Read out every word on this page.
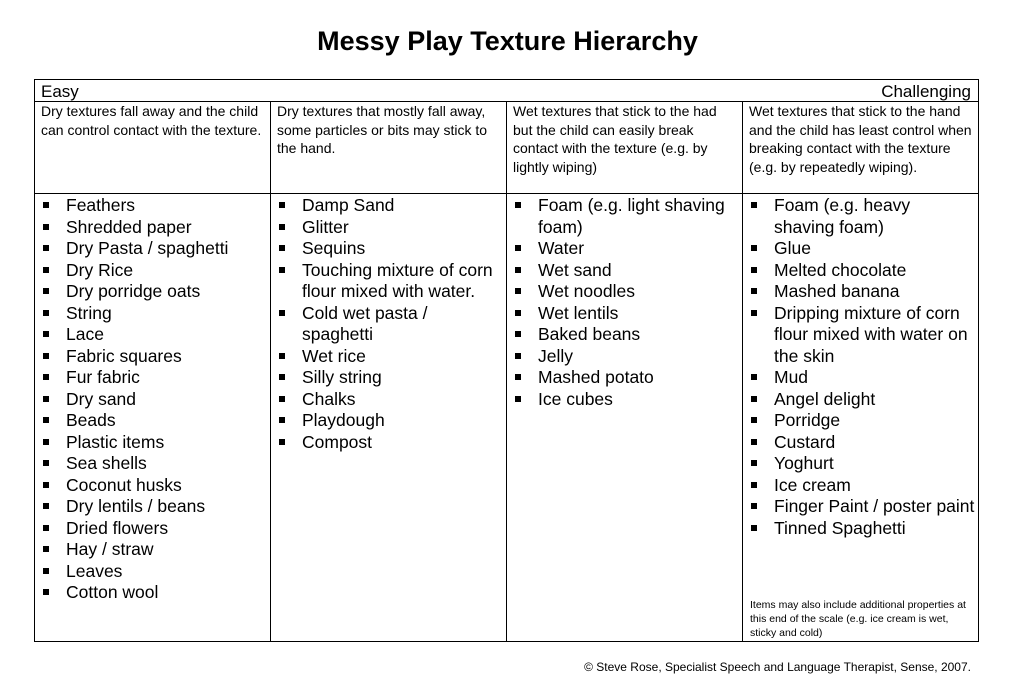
Messy Play Texture Hierarchy
Easy	Challenging
Dry textures fall away and the child can control contact with the texture.
Feathers
Shredded paper
Dry Pasta / spaghetti
Dry Rice
Dry porridge oats
String
Lace
Fabric squares
Fur fabric
Dry sand
Beads
Plastic items
Sea shells
Coconut husks
Dry lentils / beans
Dried flowers
Hay / straw
Leaves
Cotton wool
Dry textures that mostly fall away, some particles or bits may stick to the hand.
Damp Sand
Glitter
Sequins
Touching mixture of corn flour mixed with water.
Cold wet pasta / spaghetti
Wet rice
Silly string
Chalks
Playdough
Compost
Wet textures that stick to the had but the child can easily break contact with the texture (e.g. by lightly wiping)
Foam (e.g. light shaving foam)
Water
Wet sand
Wet noodles
Wet lentils
Baked beans
Jelly
Mashed potato
Ice cubes
Wet textures that stick to the hand and the child has least control when breaking contact with the texture (e.g. by repeatedly wiping).
Foam (e.g. heavy shaving foam)
Glue
Melted chocolate
Mashed banana
Dripping mixture of corn flour mixed with water on the skin
Mud
Angel delight
Porridge
Custard
Yoghurt
Ice cream
Finger Paint / poster paint
Tinned Spaghetti
Items may also include additional properties at this end of the scale (e.g. ice cream is wet, sticky and cold)

© Steve Rose, Specialist Speech and Language Therapist, Sense, 2007.
